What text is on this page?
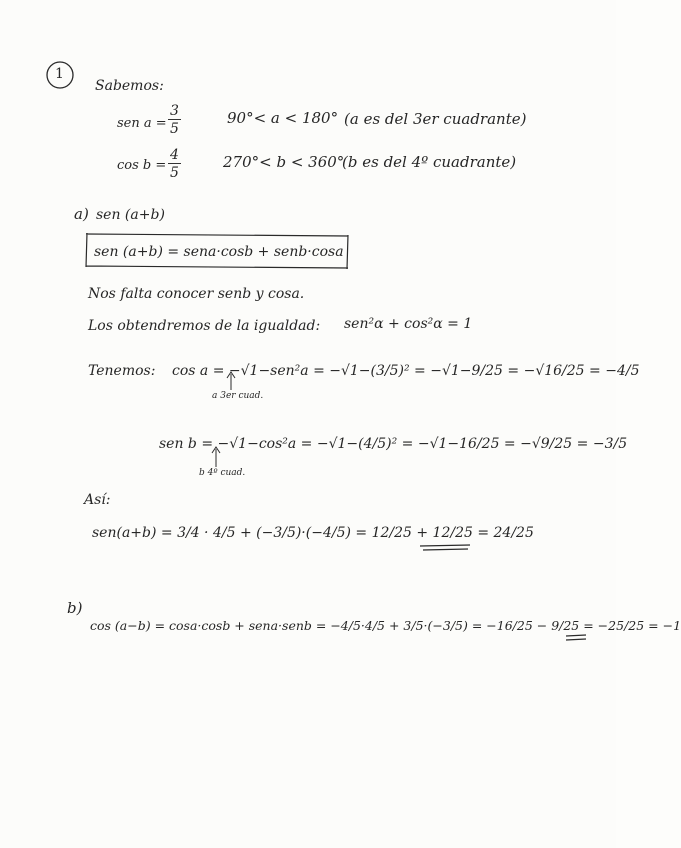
1
Sabemos:
sen $a = \frac{3}{5}$	90°< a < 180° (a es del 3er cuadrante)
$\cos b = \frac{4}{5}$	270°< b < 360°
(b es del 4º cuadrante)
a) sen (a+b)
sen (a+b) = sena·cosb + senb·cosa
Nos falta conocer senb y cosa.
Los obtendremos de la igualdad: sen²α + cos²α = 1
Tenemos: cos a = −√1−sen²a = −√1−(3/5)² = −√1−9/25 = −√16/25 = −4/5
a 3er cuad.
sen b = −√1−cos²a = −√1−(4/5)² = −√1−16/25 = −√9/25 = −3/5
b 4º cuad.
Así:
sen(a+b) = 3/4 · 4/5 + (−3/5)·(−4/5) = 12/25 + 12/25 = 24/25
b)
cos (a−b) = cosa·cosb + sena·senb = −4/5·4/5 + 3/5·(−3/5) = −16/25 − 9/25 = −25/25 = −1
